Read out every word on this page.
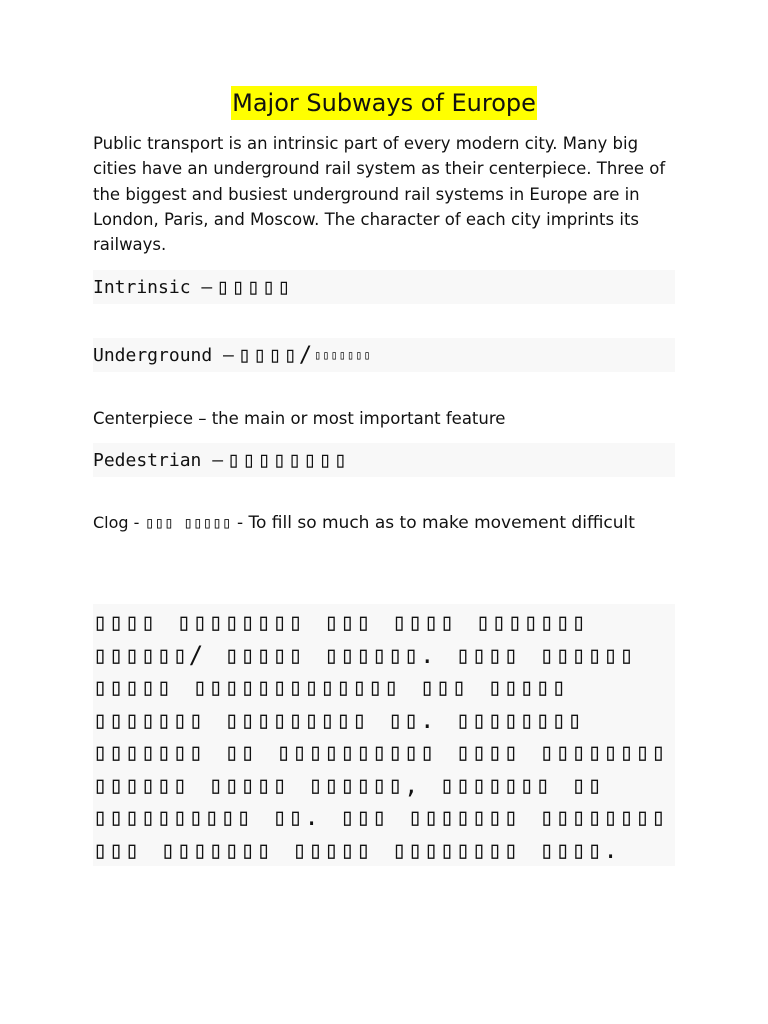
Major Subways of Europe
Public transport is an intrinsic part of every modern city. Many big cities have an underground rail system as their centerpiece. Three of the biggest and busiest underground rail systems in Europe are in London, Paris, and Moscow. The character of each city imprints its railways.
Intrinsic – ▯▯▯▯▯
Underground – ▯▯▯▯/ ▯▯▯▯▯▯▯
Centerpiece – the main or most important feature
Pedestrian – ▯▯▯▯▯▯▯▯
Clog - ▯▯▯ ▯▯▯▯▯ - To fill so much as to make movement difficult

▯▯▯▯ ▯▯▯▯▯▯▯▯ ▯▯▯ ▯▯▯▯ ▯▯▯▯▯▯▯ ▯▯▯▯▯▯/ ▯▯▯▯▯ ▯▯▯▯▯▯. ▯▯▯▯ ▯▯▯▯▯▯ ▯▯▯▯▯ ▯▯▯▯▯▯▯▯▯▯▯▯▯ ▯▯▯ ▯▯▯▯▯ ▯▯▯▯▯▯▯ ▯▯▯▯▯▯▯▯▯ ▯▯. ▯▯▯▯▯▯▯▯ ▯▯▯▯▯▯▯ ▯▯ ▯▯▯▯▯▯▯▯▯▯ ▯▯▯▯ ▯▯▯▯▯▯▯▯ ▯▯▯▯▯▯ ▯▯▯▯▯ ▯▯▯▯▯▯, ▯▯▯▯▯▯▯ ▯▯ ▯▯▯▯▯▯▯▯▯▯ ▯▯. ▯▯▯ ▯▯▯▯▯▯▯ ▯▯▯▯▯▯▯▯ ▯▯▯ ▯▯▯▯▯▯▯ ▯▯▯▯▯ ▯▯▯▯▯▯▯▯ ▯▯▯▯.
